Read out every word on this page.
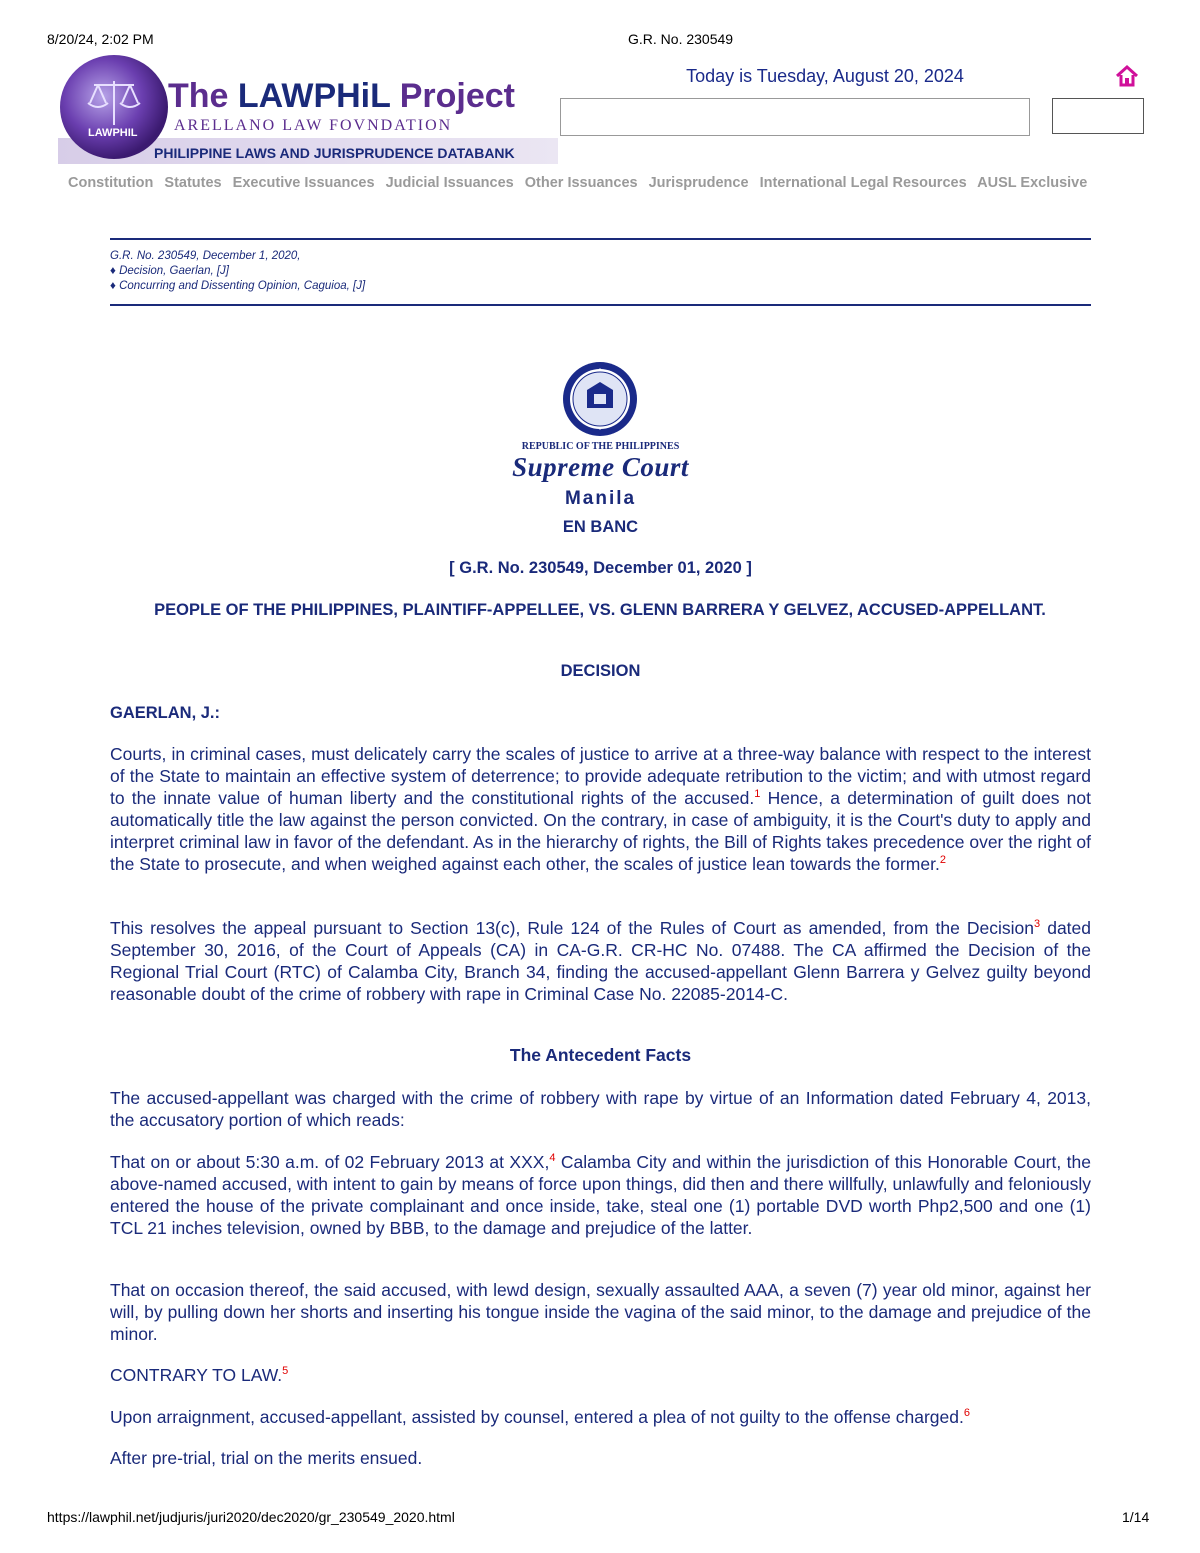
8/20/24, 2:02 PM	G.R. No. 230549
The LAWPHiL Project
ARELLANO LAW FOVNDATION
PHILIPPINE LAWS AND JURISPRUDENCE DATABANK
LAWPHIL
Today is Tuesday, August 20, 2024
Constitution Statutes Executive Issuances Judicial Issuances Other Issuances Jurisprudence International Legal Resources AUSL Exclusive
G.R. No. 230549, December 1, 2020,
♦ Decision, Gaerlan, [J]
♦ Concurring and Dissenting Opinion, Caguioa, [J]
REPUBLIC OF THE PHILIPPINES
Supreme Court
Manila
EN BANC
[ G.R. No. 230549, December 01, 2020 ]
PEOPLE OF THE PHILIPPINES, PLAINTIFF-APPELLEE, VS. GLENN BARRERA Y GELVEZ, ACCUSED-APPELLANT.
DECISION
GAERLAN, J.:
Courts, in criminal cases, must delicately carry the scales of justice to arrive at a three-way balance with respect to the interest of the State to maintain an effective system of deterrence; to provide adequate retribution to the victim; and with utmost regard to the innate value of human liberty and the constitutional rights of the accused.$^1$ Hence, a determination of guilt does not automatically title the law against the person convicted. On the contrary, in case of ambiguity, it is the Court's duty to apply and interpret criminal law in favor of the defendant. As in the hierarchy of rights, the Bill of Rights takes precedence over the right of the State to prosecute, and when weighed against each other, the scales of justice lean towards the former.$^2$
This resolves the appeal pursuant to Section 13(c), Rule 124 of the Rules of Court as amended, from the Decision$^3$ dated September 30, 2016, of the Court of Appeals (CA) in CA-G.R. CR-HC No. 07488. The CA affirmed the Decision of the Regional Trial Court (RTC) of Calamba City, Branch 34, finding the accused-appellant Glenn Barrera y Gelvez guilty beyond reasonable doubt of the crime of robbery with rape in Criminal Case No. 22085-2014-C.
The Antecedent Facts
The accused-appellant was charged with the crime of robbery with rape by virtue of an Information dated February 4, 2013, the accusatory portion of which reads:
That on or about 5:30 a.m. of 02 February 2013 at XXX,$^4$ Calamba City and within the jurisdiction of this Honorable Court, the above-named accused, with intent to gain by means of force upon things, did then and there willfully, unlawfully and feloniously entered the house of the private complainant and once inside, take, steal one (1) portable DVD worth Php2,500 and one (1) TCL 21 inches television, owned by BBB, to the damage and prejudice of the latter.
That on occasion thereof, the said accused, with lewd design, sexually assaulted AAA, a seven (7) year old minor, against her will, by pulling down her shorts and inserting his tongue inside the vagina of the said minor, to the damage and prejudice of the minor.
CONTRARY TO LAW.$^5$
Upon arraignment, accused-appellant, assisted by counsel, entered a plea of not guilty to the offense charged.$^6$
After pre-trial, trial on the merits ensued.
https://lawphil.net/judjuris/juri2020/dec2020/gr_230549_2020.html	1/14
